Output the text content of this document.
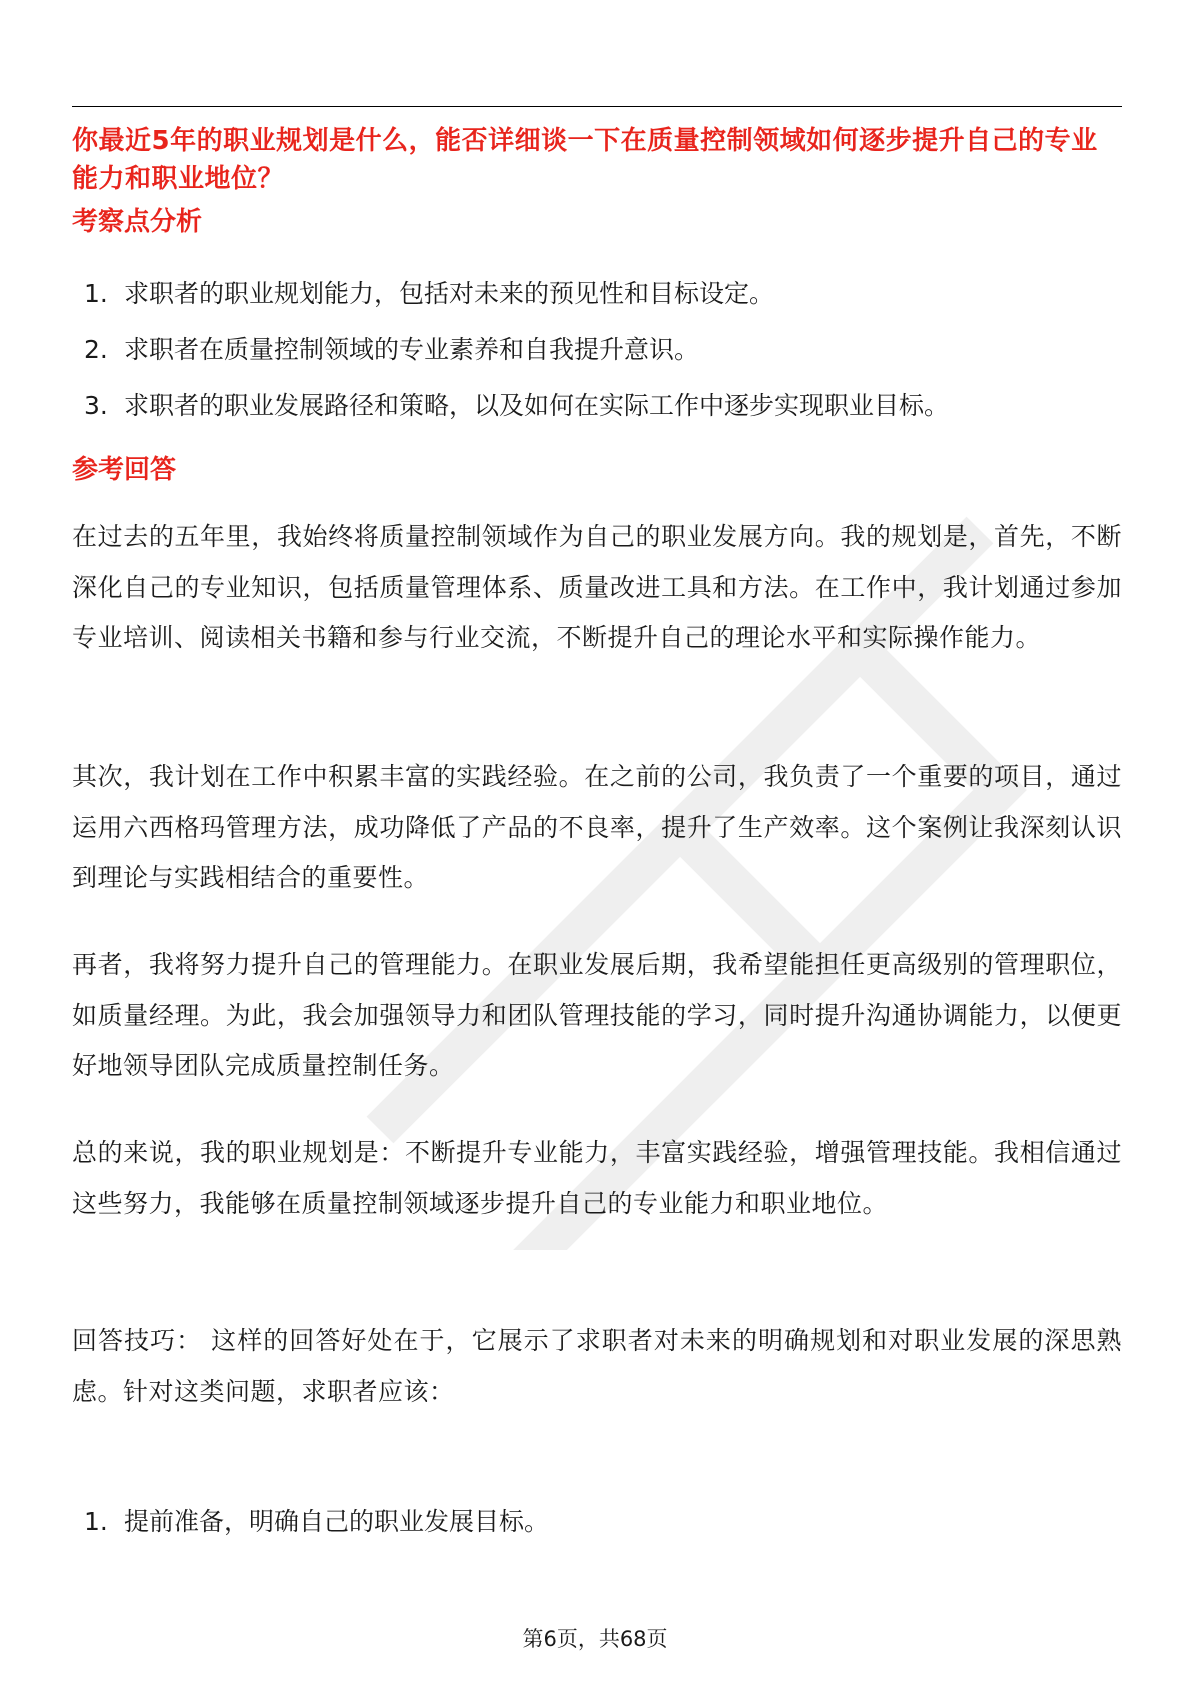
你最近5年的职业规划是什么，能否详细谈一下在质量控制领域如何逐步提升自己的专业能力和职业地位？
考察点分析
1. 求职者的职业规划能力，包括对未来的预见性和目标设定。
2. 求职者在质量控制领域的专业素养和自我提升意识。
3. 求职者的职业发展路径和策略，以及如何在实际工作中逐步实现职业目标。
参考回答

在过去的五年里，我始终将质量控制领域作为自己的职业发展方向。我的规划是，首先，不断深化自己的专业知识，包括质量管理体系、质量改进工具和方法。在工作中，我计划通过参加专业培训、阅读相关书籍和参与行业交流，不断提升自己的理论水平和实际操作能力。

其次，我计划在工作中积累丰富的实践经验。在之前的公司，我负责了一个重要的项目，通过运用六西格玛管理方法，成功降低了产品的不良率，提升了生产效率。这个案例让我深刻认识到理论与实践相结合的重要性。

再者，我将努力提升自己的管理能力。在职业发展后期，我希望能担任更高级别的管理职位，如质量经理。为此，我会加强领导力和团队管理技能的学习，同时提升沟通协调能力，以便更好地领导团队完成质量控制任务。

总的来说，我的职业规划是：不断提升专业能力，丰富实践经验，增强管理技能。我相信通过这些努力，我能够在质量控制领域逐步提升自己的专业能力和职业地位。

回答技巧： 这样的回答好处在于，它展示了求职者对未来的明确规划和对职业发展的深思熟虑。针对这类问题，求职者应该：

1. 提前准备，明确自己的职业发展目标。
第6页，共68页
